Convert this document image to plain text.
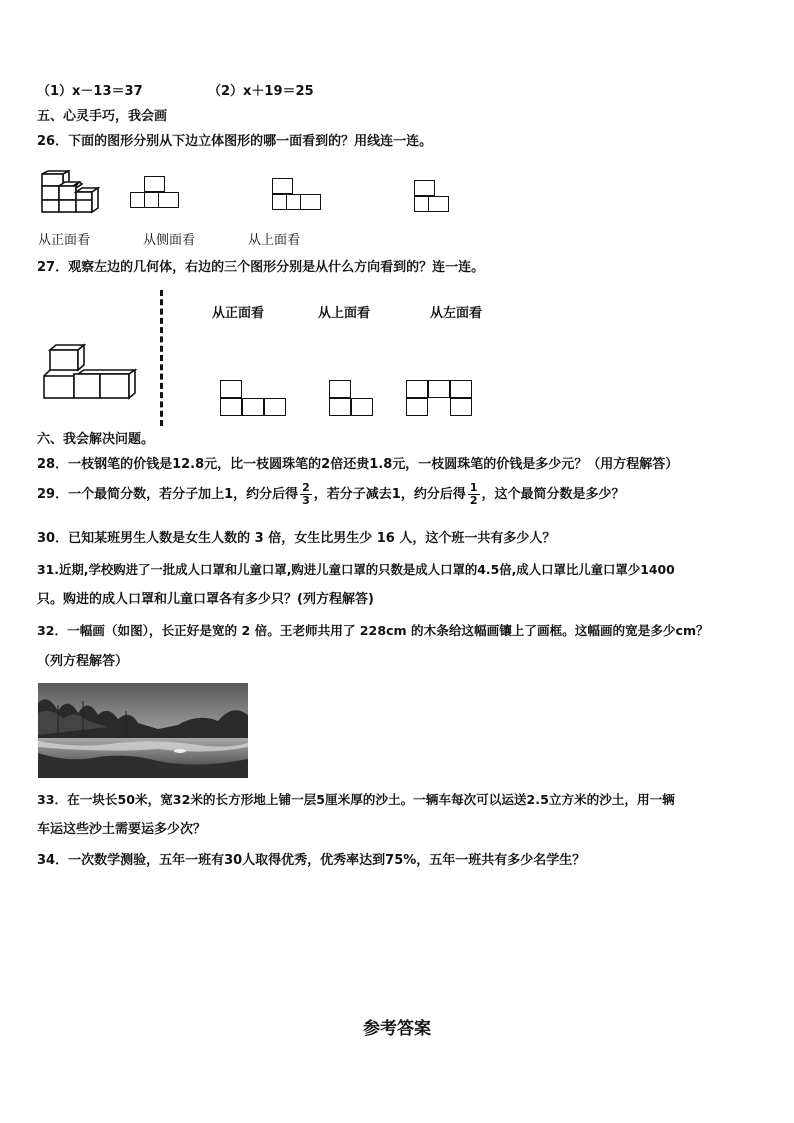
（1）x－13＝37	（2）x＋19＝25
五、心灵手巧，我会画
26．下面的图形分别从下边立体图形的哪一面看到的？用线连一连。
从正面看	从侧面看	从上面看
27．观察左边的几何体，右边的三个图形分别是从什么方向看到的？连一连。
从正面看	从上面看	从左面看
六、我会解决问题。
28．一枝钢笔的价钱是12.8元，比一枝圆珠笔的2倍还贵1.8元，一枝圆珠笔的价钱是多少元？（用方程解答）
29．一个最简分数，若分子加上1，约分后得 $\frac{2}{3}$ ，若分子减去1，约分后得 $\frac{1}{2}$ ，这个最简分数是多少？
30．已知某班男生人数是女生人数的 3 倍，女生比男生少 16 人，这个班一共有多少人？
31.近期,学校购进了一批成人口罩和儿童口罩,购进儿童口罩的只数是成人口罩的4.5倍,成人口罩比儿童口罩少1400
只。购进的成人口罩和儿童口罩各有多少只？(列方程解答)
32．一幅画（如图），长正好是宽的 2 倍。王老师共用了 228cm 的木条给这幅画镶上了画框。这幅画的宽是多少cm？
（列方程解答）
33．在一块长50米，宽32米的长方形地上铺一层5厘米厚的沙土。一辆车每次可以运送2.5立方米的沙土，用一辆
车运这些沙土需要运多少次？
34．一次数学测验，五年一班有30人取得优秀，优秀率达到75%，五年一班共有多少名学生？
参考答案
